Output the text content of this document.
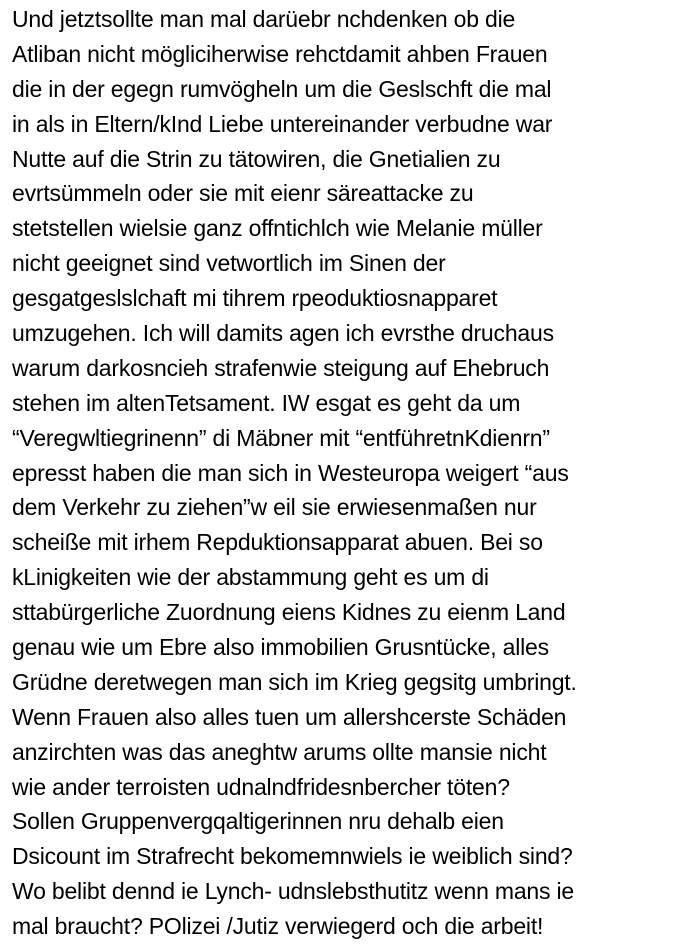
Und jetztsollte man mal darüebr nchdenken ob die
Atliban nicht mögliciherwise rehctdamit ahben Frauen
die in der egegn rumvögheln um die Geslschft die mal
in als in Eltern/kInd Liebe untereinander verbudne war
Nutte auf die Strin zu tätowiren, die Gnetialien zu
evrtsümmeln oder sie mit eienr säreattacke zu
stetstellen wielsie ganz offntichlch wie Melanie müller
nicht geeignet sind vetwortlich im Sinen der
gesgatgeslslchaft mi tihrem rpeoduktiosnapparet
umzugehen. Ich will damits agen ich evrsthe druchaus
warum darkosncieh strafenwie steigung auf Ehebruch
stehen im altenTetsament. IW esgat es geht da um
“Veregwltiegrinenn” di Mäbner mit “entführetnKdienrn”
epresst haben die man sich in Westeuropa weigert “aus
dem Verkehr zu ziehen”w eil sie erwiesenmaßen nur
scheiße mit irhem Repduktionsapparat abuen. Bei so
kLinigkeiten wie der abstammung geht es um di
sttabürgerliche Zuordnung eiens Kidnes zu eienm Land
genau wie um Ebre also immobilien Grusntücke, alles
Grüdne deretwegen man sich im Krieg gegsitg umbringt.
Wenn Frauen also alles tuen um allershcerste Schäden
anzirchten was das aneghtw arums ollte mansie nicht
wie ander terroisten udnalndfridesnbercher töten?
Sollen Gruppenvergqaltigerinnen nru dehalb eien
Dsicount im Strafrecht bekomemnwiels ie weiblich sind?
Wo belibt dennd ie Lynch- udnslebsthutitz wenn mans ie
mal braucht? POlizei /Jutiz verwiegerd och die arbeit!
